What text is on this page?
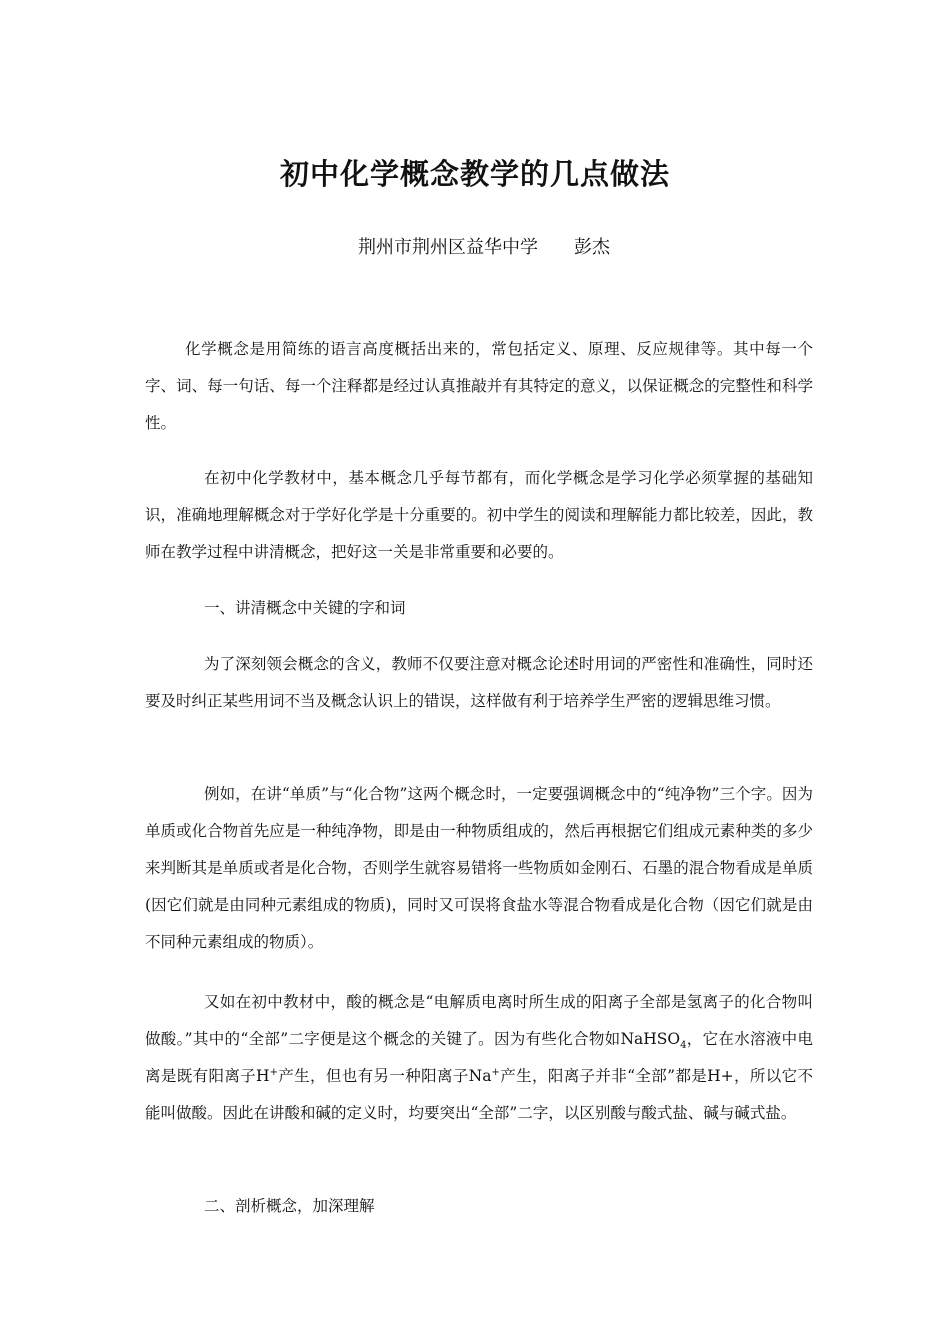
初中化学概念教学的几点做法
荆州市荆州区益华中学 彭杰
化学概念是用简练的语言高度概括出来的，常包括定义、原理、反应规律等。其中每一个字、词、每一句话、每一个注释都是经过认真推敲并有其特定的意义，以保证概念的完整性和科学性。
在初中化学教材中，基本概念几乎每节都有，而化学概念是学习化学必须掌握的基础知识，准确地理解概念对于学好化学是十分重要的。初中学生的阅读和理解能力都比较差，因此，教师在教学过程中讲清概念，把好这一关是非常重要和必要的。
一、讲清概念中关键的字和词
为了深刻领会概念的含义，教师不仅要注意对概念论述时用词的严密性和准确性，同时还要及时纠正某些用词不当及概念认识上的错误，这样做有利于培养学生严密的逻辑思维习惯。
例如，在讲“单质”与“化合物”这两个概念时，一定要强调概念中的“纯净物”三个字。因为单质或化合物首先应是一种纯净物，即是由一种物质组成的，然后再根据它们组成元素种类的多少来判断其是单质或者是化合物，否则学生就容易错将一些物质如金刚石、石墨的混合物看成是单质(因它们就是由同种元素组成的物质)，同时又可误将食盐水等混合物看成是化合物（因它们就是由不同种元素组成的物质）。
又如在初中教材中，酸的概念是“电解质电离时所生成的阳离子全部是氢离子的化合物叫做酸。”其中的“全部”二字便是这个概念的关键了。因为有些化合物如NaHSO$_4$，它在水溶液中电离是既有阳离子H+产生，但也有另一种阳离子Na+产生，阳离子并非“全部”都是H+，所以它不能叫做酸。因此在讲酸和碱的定义时，均要突出“全部”二字，以区别酸与酸式盐、碱与碱式盐。
二、剖析概念，加深理解
